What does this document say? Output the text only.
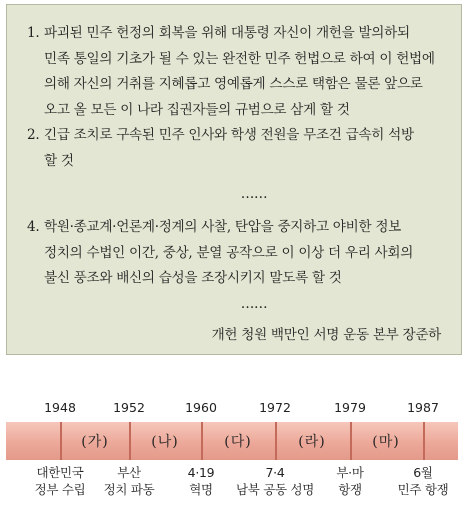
1. 파괴된 민주 헌정의 회복을 위해 대통령 자신이 개헌을 발의하되
민족 통일의 기초가 될 수 있는 완전한 민주 헌법으로 하여 이 헌법에
의해 자신의 거취를 지혜롭고 영예롭게 스스로 택함은 물론 앞으로
오고 올 모든 이 나라 집권자들의 규범으로 삼게 할 것
2. 긴급 조치로 구속된 민주 인사와 학생 전원을 무조건 급속히 석방
할 것
……
4. 학원·종교계·언론계·정계의 사찰, 탄압을 중지하고 야비한 정보
정치의 수법인 이간, 중상, 분열 공작으로 이 이상 더 우리 사회의
불신 풍조와 배신의 습성을 조장시키지 말도록 할 것
……
개헌 청원 백만인 서명 운동 본부 장준하
1948	1952	1960	1972	1979	1987
(가)	(나)	(다)	(라)	(마)
대한민국
정부 수립
부산
정치 파동
4·19
혁명
7·4
남북 공동 성명
부·마
항쟁
6월
민주 항쟁
